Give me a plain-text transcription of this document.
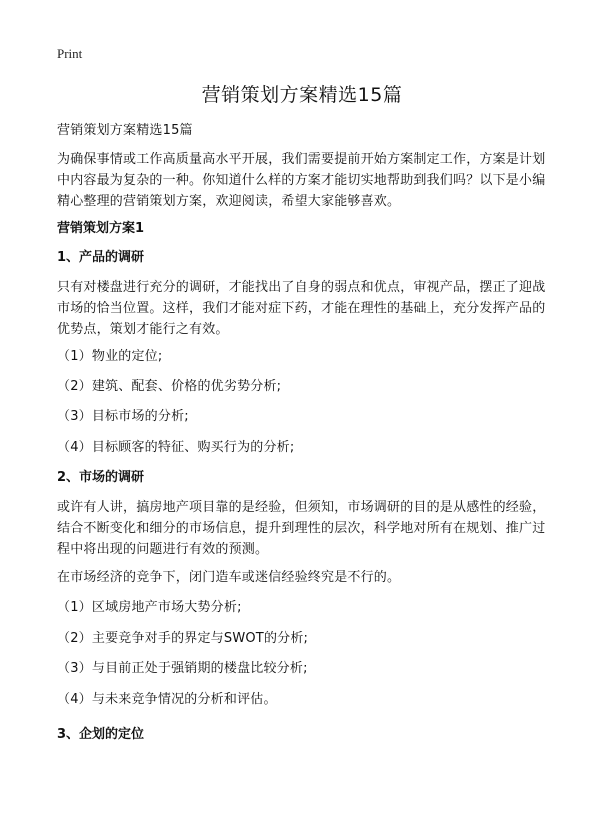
Print
营销策划方案精选15篇

营销策划方案精选15篇

为确保事情或工作高质量高水平开展，我们需要提前开始方案制定工作，方案是计划中内容最为复杂的一种。你知道什么样的方案才能切实地帮助到我们吗？以下是小编精心整理的营销策划方案，欢迎阅读，希望大家能够喜欢。

营销策划方案1

1、产品的调研

只有对楼盘进行充分的调研，才能找出了自身的弱点和优点，审视产品，摆正了迎战市场的恰当位置。这样，我们才能对症下药，才能在理性的基础上，充分发挥产品的优势点，策划才能行之有效。

（1）物业的定位;

（2）建筑、配套、价格的优劣势分析;

（3）目标市场的分析;

（4）目标顾客的特征、购买行为的分析;

2、市场的调研

或许有人讲，搞房地产项目靠的是经验，但须知，市场调研的目的是从感性的经验，结合不断变化和细分的市场信息，提升到理性的层次，科学地对所有在规划、推广过程中将出现的问题进行有效的预测。

在市场经济的竞争下，闭门造车或迷信经验终究是不行的。

（1）区域房地产市场大势分析;

（2）主要竞争对手的界定与SWOT的分析;

（3）与目前正处于强销期的楼盘比较分析;

（4）与未来竞争情况的分析和评估。

3、企划的定位
